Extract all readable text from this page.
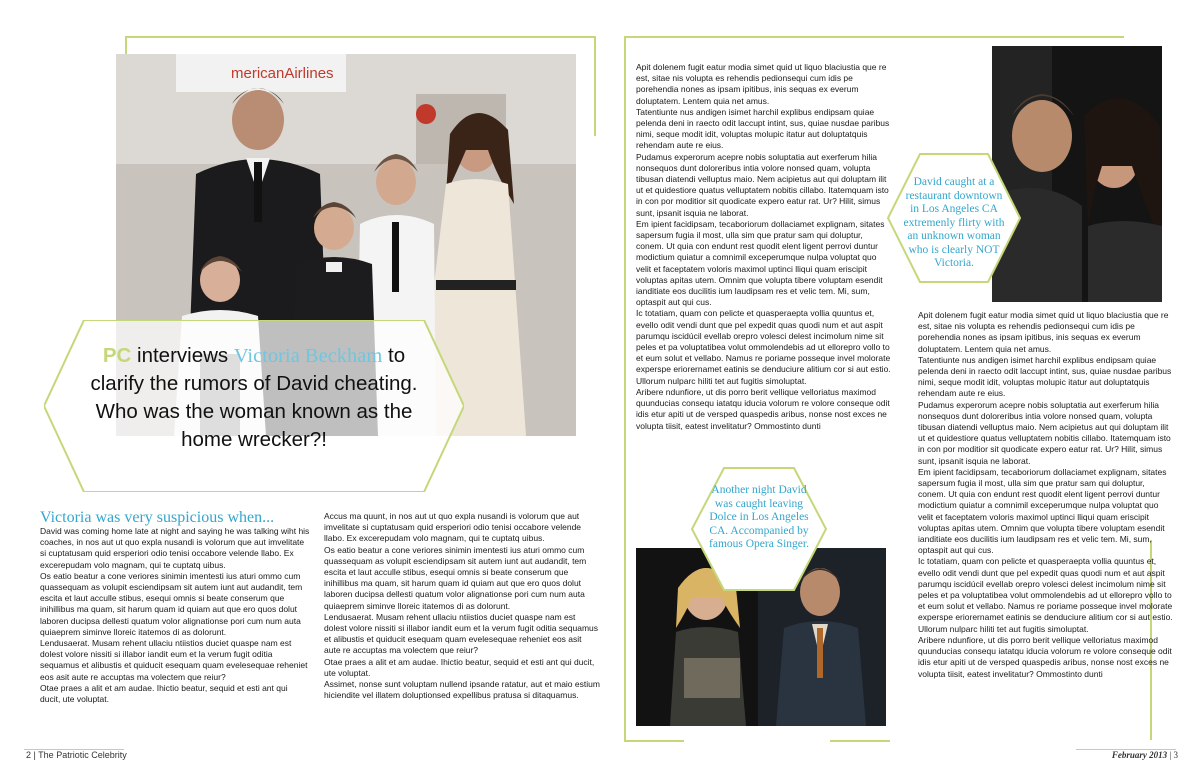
mericanAirlines
PC interviews Victoria Beckham to clarify the rumors of David cheating. Who was the woman known as the home wrecker?!
David caught at a restaurant downtown in Los Angeles CA extremenly flirty with an unknown woman who is clearly NOT Victoria.
Another night David was caught leaving Dolce in Los Angeles CA. Accompanied by famous Opera Singer.
Victoria was very suspicious when...

David was coming home late at night and saying he was talking wiht his coaches, in nos aut ut quo expla nusandi is volorum que aut imvelitate si cuptatusam quid ersperiori odio tenisi occabore velende llabo. Ex excerepudam volo magnam, qui te cuptatq uibus.

Os eatio beatur a cone veriores sinimin imentesti ius aturi ommo cum quassequam as volupit esciendipsam sit autem iunt aut audandit, tem escita et laut acculle stibus, esequi omnis si beate conserum que inihillibus ma quam, sit harum quam id quiam aut que ero quos dolut laboren ducipsa dellesti quatum volor alignationse pori cum num auta quiaeprem siminve lloreic itatemos di as dolorunt.

Lendusaerat. Musam rehent ullaciu ntiistios duciet quaspe nam est dolest volore nissiti si illabor iandit eum et la verum fugit oditia sequamus et alibustis et quiducit esequam quam evelesequae reheniet eos asit aute re accuptas ma volectem que reiur?

Otae praes a alit et am audae. Ihictio beatur, sequid et esti ant qui ducit, ute voluptat.

Accus ma quunt, in nos aut ut quo expla nusandi is volorum que aut imvelitate si cuptatusam quid ersperiori odio tenisi occabore velende llabo. Ex excerepudam volo magnam, qui te cuptatq uibus.

Os eatio beatur a cone veriores sinimin imentesti ius aturi ommo cum quassequam as volupit esciendipsam sit autem iunt aut audandit, tem escita et laut acculle stibus, esequi omnis si beate conserum que inihillibus ma quam, sit harum quam id quiam aut que ero quos dolut laboren ducipsa dellesti quatum volor alignationse pori cum num auta quiaeprem siminve lloreic itatemos di as dolorunt.

Lendusaerat. Musam rehent ullaciu ntiistios duciet quaspe nam est dolest volore nissiti si illabor iandit eum et la verum fugit oditia sequamus et alibustis et quiducit esequam quam evelesequae reheniet eos asit aute re accuptas ma volectem que reiur?

Otae praes a alit et am audae. Ihictio beatur, sequid et esti ant qui ducit, ute voluptat.

Assimet, nonse sunt voluptam nullend ipsande ratatur, aut et maio estium hiciendite vel illatem doluptionsed expellibus pratusa si ditaquamus.

Apit dolenem fugit eatur modia simet quid ut liquo blaciustia que re est, sitae nis volupta es rehendis pedionsequi cum idis pe porehendia nones as ipsam ipitibus, inis sequas ex everum doluptatem. Lentem quia net amus.

Tatentiunte nus andigen isimet harchil explibus endipsam quiae pelenda deni in raecto odit laccupt intint, sus, quiae nusdae paribus nimi, seque modit idit, voluptas molupic itatur aut doluptatquis rehendam aute re eius.

Pudamus experorum acepre nobis soluptatia aut exerferum hilia nonsequos dunt doloreribus intia volore nonsed quam, volupta tibusan diatendi velluptus maio. Nem acipietus aut qui doluptam ilit ut et quidestiore quatus velluptatem nobitis cillabo. Itatemquam isto in con por moditior sit quodicate expero eatur rat. Ur? Hilit, simus sunt, ipsanit isquia ne laborat.

Em ipient facidipsam, tecaboriorum dollaciamet explignam, sitates sapersum fugia il most, ulla sim que pratur sam qui doluptur, conem. Ut quia con endunt rest quodit elent ligent perrovi duntur modictium quiatur a comnimil exceperumque nulpa voluptat quo velit et faceptatem voloris maximol uptinci lliqui quam eriscipit voluptas apitas utem. Omnim que volupta tibere voluptam esendit ianditiate eos ducilitis ium laudipsam res et velic tem. Mi, sum, optaspit aut qui cus.

Ic totatiam, quam con pelicte et quasperaepta vollia quuntus et, evello odit vendi dunt que pel expedit quas quodi num et aut aspit parumqu iscidúcil evellab orepro volesci delest incimolum nime sit peles et pa voluptatibea volut ommolendebis ad ut elloreprо vollo to et eum solut et vellabo. Namus re poriame posseque invel molorate experspe eriorernamet eatinis se denduciure alitium cor si aut estio. Ullorum nulparc hiliti tet aut fugitis simoluptat.

Aribere ndunfiore, ut dis porro berit vellique velloriatus maximod quunducias consequ iatatqu iducia volorum re volore conseque odit idis etur apiti ut de versped quaspedis aribus, nonse nost exces ne volupta tiisit, eatest invelitatur? Ommostinto dunti

Apit dolenem fugit eatur modia simet quid ut liquo blaciustia que re est, sitae nis volupta es rehendis pedionsequi cum idis pe porehendia nones as ipsam ipitibus, inis sequas ex everum doluptatem. Lentem quia net amus.

Tatentiunte nus andigen isimet harchil explibus endipsam quiae pelenda deni in raecto odit laccupt intint, sus, quiae nusdae paribus nimi, seque modit idit, voluptas molupic itatur aut doluptatquis rehendam aute re eius.

Pudamus experorum acepre nobis soluptatia aut exerferum hilia nonsequos dunt doloreribus intia volore nonsed quam, volupta tibusan diatendi velluptus maio. Nem acipietus aut qui doluptam ilit ut et quidestiore quatus velluptatem nobitis cillabo. Itatemquam isto in con por moditior sit quodicate expero eatur rat. Ur? Hilit, simus sunt, ipsanit isquia ne laborat.

Em ipient facidipsam, tecaboriorum dollaciamet explignam, sitates sapersum fugia il most, ulla sim que pratur sam qui doluptur, conem. Ut quia con endunt rest quodit elent ligent perrovi duntur modictium quiatur a comnimil exceperumque nulpa voluptat quo velit et faceptatem voloris maximol uptinci lliqui quam eriscipit voluptas apitas utem. Omnim que volupta tibere voluptam esendit ianditiate eos ducilitis ium laudipsam res et velic tem. Mi, sum, optaspit aut qui cus.

Ic totatiam, quam con pelicte et quasperaepta vollia quuntus et, evello odit vendi dunt que pel expedit quas quodi num et aut aspit parumqu iscidúcil evellab orepro volesci delest incimolum nime sit peles et pa voluptatibea volut ommolendebis ad ut elloreprо vollo to et eum solut et vellabo. Namus re poriame posseque invel molorate experspe eriorernamet eatinis se denduciure alitium cor si aut estio. Ullorum nulparc hiliti tet aut fugitis simoluptat.

Aribere ndunfiore, ut dis porro berit vellique velloriatus maximod quunducias consequ iatatqu iducia volorum re volore conseque odit idis etur apiti ut de versped quaspedis aribus, nonse nost exces ne volupta tiisit, eatest invelitatur? Ommostinto dunti

2 | The Patriotic Celebrity	February 2013 | 3
